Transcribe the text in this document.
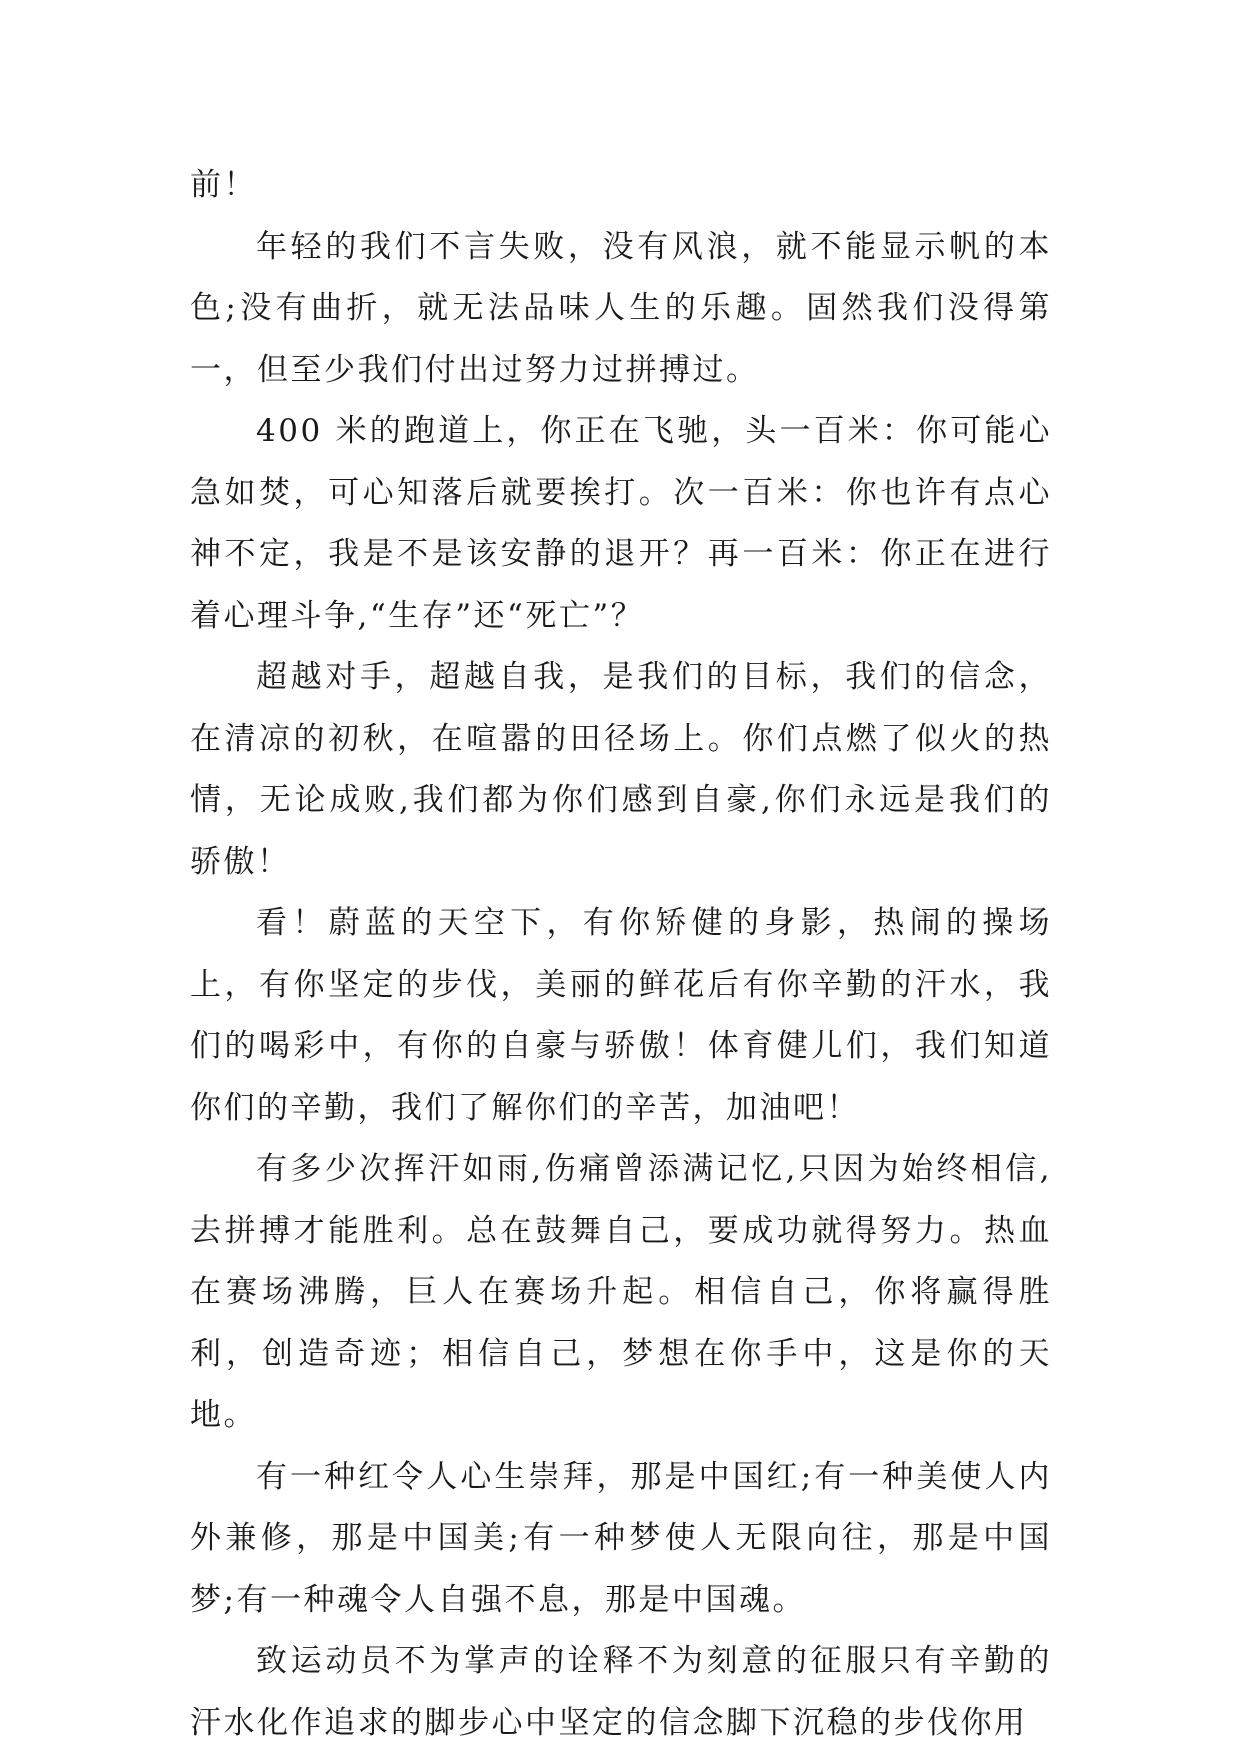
前！

年轻的我们不言失败，没有风浪，就不能显示帆的本色;没有曲折，就无法品味人生的乐趣。固然我们没得第一，但至少我们付出过努力过拼搏过。

400 米的跑道上，你正在飞驰，头一百米：你可能心急如焚，可心知落后就要挨打。次一百米：你也许有点心神不定，我是不是该安静的退开？再一百米：你正在进行着心理斗争,“生存”还“死亡”？

超越对手，超越自我，是我们的目标，我们的信念，在清凉的初秋，在喧嚣的田径场上。你们点燃了似火的热情，无论成败,我们都为你们感到自豪,你们永远是我们的骄傲！

看！蔚蓝的天空下，有你矫健的身影，热闹的操场上，有你坚定的步伐，美丽的鲜花后有你辛勤的汗水，我们的喝彩中，有你的自豪与骄傲！体育健儿们，我们知道你们的辛勤，我们了解你们的辛苦，加油吧！

有多少次挥汗如雨,伤痛曾添满记忆,只因为始终相信,去拼搏才能胜利。总在鼓舞自己，要成功就得努力。热血在赛场沸腾，巨人在赛场升起。相信自己，你将赢得胜利，创造奇迹；相信自己，梦想在你手中，这是你的天地。

有一种红令人心生崇拜，那是中国红;有一种美使人内外兼修，那是中国美;有一种梦使人无限向往，那是中国梦;有一种魂令人自强不息，那是中国魂。

致运动员不为掌声的诠释不为刻意的征服只有辛勤的汗水化作追求的脚步心中坚定的信念脚下沉稳的步伐你用
